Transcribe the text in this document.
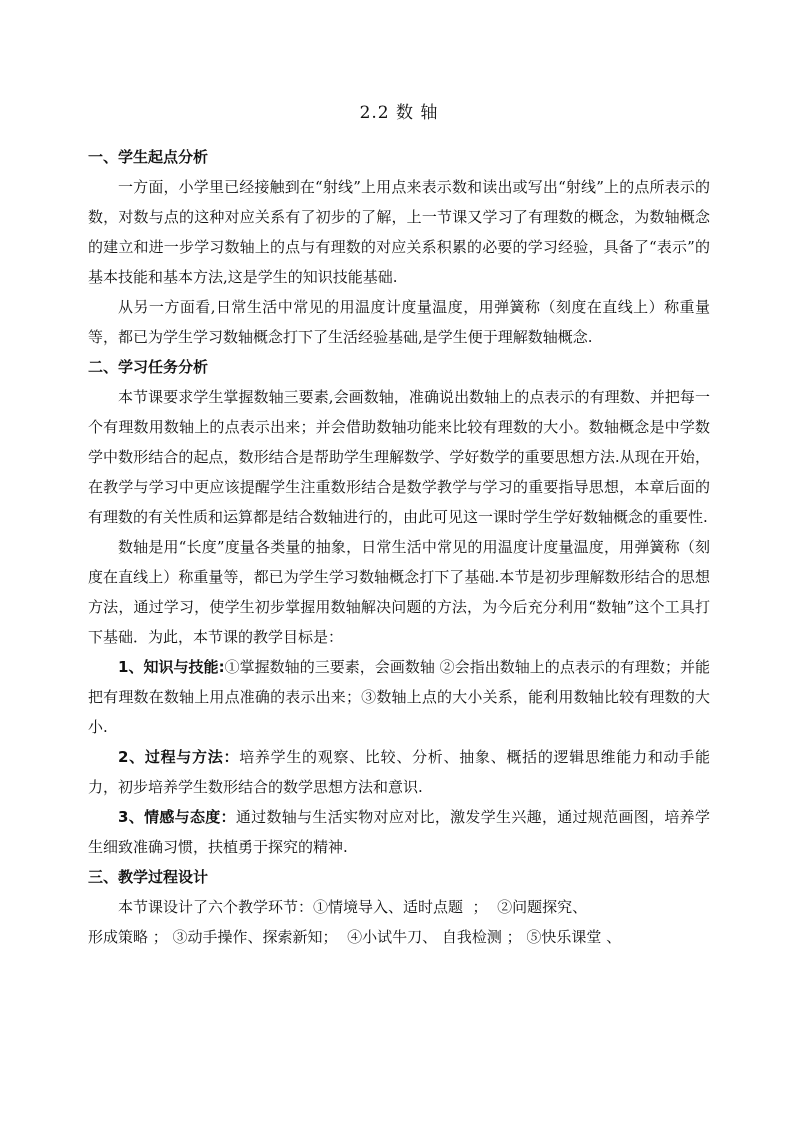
2.2 数 轴
一、学生起点分析

一方面，小学里已经接触到在“射线”上用点来表示数和读出或写出“射线”上的点所表示的数，对数与点的这种对应关系有了初步的了解，上一节课又学习了有理数的概念，为数轴概念的建立和进一步学习数轴上的点与有理数的对应关系积累的必要的学习经验，具备了“表示”的基本技能和基本方法,这是学生的知识技能基础.

从另一方面看,日常生活中常见的用温度计度量温度，用弹簧称（刻度在直线上）称重量等，都已为学生学习数轴概念打下了生活经验基础,是学生便于理解数轴概念.

二、学习任务分析

本节课要求学生掌握数轴三要素,会画数轴，准确说出数轴上的点表示的有理数、并把每一个有理数用数轴上的点表示出来；并会借助数轴功能来比较有理数的大小。数轴概念是中学数学中数形结合的起点，数形结合是帮助学生理解数学、学好数学的重要思想方法.从现在开始，在教学与学习中更应该提醒学生注重数形结合是数学教学与学习的重要指导思想，本章后面的有理数的有关性质和运算都是结合数轴进行的，由此可见这一课时学生学好数轴概念的重要性.

数轴是用“长度”度量各类量的抽象，日常生活中常见的用温度计度量温度，用弹簧称（刻度在直线上）称重量等，都已为学生学习数轴概念打下了基础.本节是初步理解数形结合的思想方法，通过学习，使学生初步掌握用数轴解决问题的方法，为今后充分利用“数轴”这个工具打下基础．为此，本节课的教学目标是：

1、知识与技能:①掌握数轴的三要素，会画数轴 ②会指出数轴上的点表示的有理数；并能把有理数在数轴上用点准确的表示出来；③数轴上点的大小关系，能利用数轴比较有理数的大小.

2、过程与方法：培养学生的观察、比较、分析、抽象、概括的逻辑思维能力和动手能力，初步培养学生数形结合的数学思想方法和意识.

3、情感与态度：通过数轴与生活实物对应对比，激发学生兴趣，通过规范画图，培养学生细致准确习惯，扶植勇于探究的精神.

三、教学过程设计
本节课设计了六个教学环节：①情境导入、适时点题  ；  ②问题探究、
形成策略 ； ③动手操作、探索新知；  ④小试牛刀、 自我检测 ； ⑤快乐课堂 、
